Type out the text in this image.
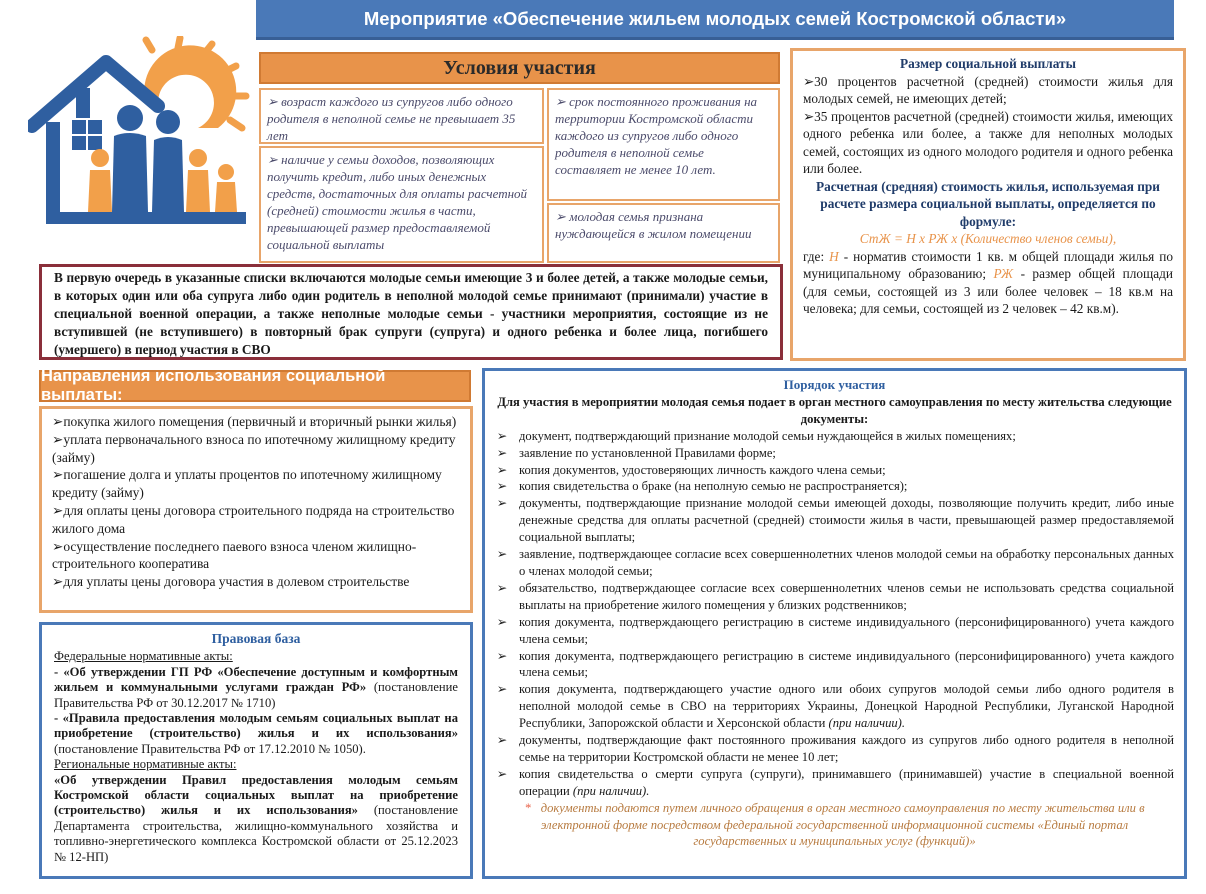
Мероприятие «Обеспечение жильем молодых семей Костромской области»
Условия участия
➢ возраст каждого из супругов либо одного родителя в неполной семье не превышает 35 лет
➢ наличие у семьи доходов, позволяющих получить кредит, либо иных денежных средств, достаточных для оплаты расчетной (средней) стоимости жилья в части, превышающей размер предоставляемой социальной выплаты
➢ срок постоянного проживания на территории Костромской области каждого из супругов либо одного родителя в неполной семье составляет не менее 10 лет.
➢ молодая семья признана нуждающейся в жилом помещении
В первую очередь в указанные списки включаются молодые семьи имеющие 3 и более детей, а также молодые семьи, в которых один или оба супруга либо один родитель в неполной молодой семье принимают (принимали) участие в специальной военной операции, а также неполные молодые семьи - участники мероприятия, состоящие из не вступившей (не вступившего) в повторный брак супруги (супруга) и одного ребенка и более лица, погибшего (умершего) в период участия в СВО
Размер социальной выплаты
➢30 процентов расчетной (средней) стоимости жилья для молодых семей, не имеющих детей;
➢35 процентов расчетной (средней) стоимости жилья, имеющих одного ребенка или более, а также для неполных молодых семей, состоящих из одного молодого родителя и одного ребенка или более.
Расчетная (средняя) стоимость жилья, используемая при расчете размера социальной выплаты, определяется по формуле:
СтЖ = Н х РЖ х (Количество членов семьи),
где: Н - норматив стоимости 1 кв. м общей площади жилья по муниципальному образованию; РЖ - размер общей площади (для семьи, состоящей из 3 или более человек – 18 кв.м на человека; для семьи, состоящей из 2 человек – 42 кв.м).
Направления использования социальной выплаты:
➢покупка жилого помещения (первичный и вторичный рынки жилья)
➢уплата первоначального взноса по ипотечному жилищному кредиту (займу)
➢погашение долга и уплаты процентов по ипотечному жилищному кредиту (займу)
➢для оплаты цены договора строительного подряда на строительство жилого дома
➢осуществление последнего паевого взноса членом жилищно-строительного кооператива
➢для уплаты цены договора участия в долевом строительстве
Правовая база
Федеральные нормативные акты:
- «Об утверждении ГП РФ «Обеспечение доступным и комфортным жильем и коммунальными услугами граждан РФ» (постановление Правительства РФ от 30.12.2017 № 1710)
- «Правила предоставления молодым семьям социальных выплат на приобретение (строительство) жилья и их использования» (постановление Правительства РФ от 17.12.2010 № 1050).
Региональные нормативные акты:
«Об утверждении Правил предоставления молодым семьям Костромской области социальных выплат на приобретение (строительство) жилья и их использования» (постановление Департамента строительства, жилищно-коммунального хозяйства и топливно-энергетического комплекса Костромской области от 25.12.2023 № 12-НП)
Порядок участия
Для участия в мероприятии молодая семья подает в орган местного самоуправления по месту жительства следующие документы:
➢ документ, подтверждающий признание молодой семьи нуждающейся в жилых помещениях;
➢ заявление по установленной Правилами форме;
➢ копия документов, удостоверяющих личность каждого члена семьи;
➢ копия свидетельства о браке (на неполную семью не распространяется);
➢ документы, подтверждающие признание молодой семьи имеющей доходы, позволяющие получить кредит, либо иные денежные средства для оплаты расчетной (средней) стоимости жилья в части, превышающей размер предоставляемой социальной выплаты;
➢ заявление, подтверждающее согласие всех совершеннолетних членов молодой семьи на обработку персональных данных о членах молодой семьи;
➢ обязательство, подтверждающее согласие всех совершеннолетних членов семьи не использовать средства социальной выплаты на приобретение жилого помещения у близких родственников;
➢ копия документа, подтверждающего регистрацию в системе индивидуального (персонифицированного) учета каждого члена семьи;
➢ копия документа, подтверждающего регистрацию в системе индивидуального (персонифицированного) учета каждого члена семьи;
➢ копия документа, подтверждающего участие одного или обоих супругов молодой семьи либо одного родителя в неполной молодой семье в СВО на территориях Украины, Донецкой Народной Республики, Луганской Народной Республики, Запорожской области и Херсонской области (при наличии).
➢ документы, подтверждающие факт постоянного проживания каждого из супругов либо одного родителя в неполной семье на территории Костромской области не менее 10 лет;
➢ копия свидетельства о смерти супруга (супруги), принимавшего (принимавшей) участие в специальной военной операции (при наличии).
* документы подаются путем личного обращения в орган местного самоуправления по месту жительства или в электронной форме посредством федеральной государственной информационной системы «Единый портал государственных и муниципальных услуг (функций)»
